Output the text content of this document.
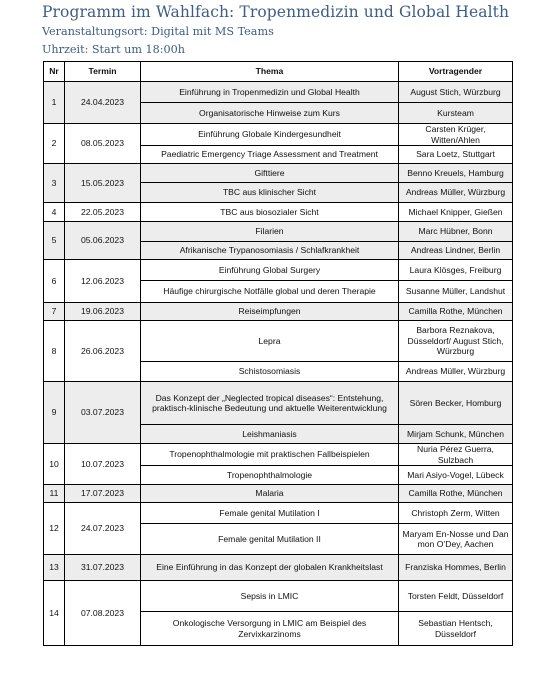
Programm im Wahlfach: Tropenmedizin und Global Health
Veranstaltungsort: Digital mit MS Teams
Uhrzeit: Start um 18:00h
Nr	Termin	Thema	Vortragender
1	24.04.2023	Einführung in Tropenmedizin und Global Health	August Stich, Würzburg
		Organisatorische Hinweise zum Kurs	Kursteam
2	08.05.2023	Einführung Globale Kindergesundheit	Carsten Krüger, Witten/Ahlen
		Paediatric Emergency Triage Assessment and Treatment	Sara Loetz, Stuttgart
3	15.05.2023	Gifttiere	Benno Kreuels, Hamburg
		TBC aus klinischer Sicht	Andreas Müller, Würzburg
4	22.05.2023	TBC aus biosozialer Sicht	Michael Knipper, Gießen
5	05.06.2023	Filarien	Marc Hübner, Bonn
		Afrikanische Trypanosomiasis / Schlafkrankheit	Andreas Lindner, Berlin
6	12.06.2023	Einführung Global Surgery	Laura Klösges, Freiburg
		Häufige chirurgische Notfälle global und deren Therapie	Susanne Müller, Landshut
7	19.06.2023	Reiseimpfungen	Camilla Rothe, München
8	26.06.2023	Lepra	Barbora Reznakova, Düsseldorf/ August Stich, Würzburg
		Schistosomiasis	Andreas Müller, Würzburg
9	03.07.2023	Das Konzept der „Neglected tropical diseases“: Entstehung, praktisch-klinische Bedeutung und aktuelle Weiterentwicklung	Sören Becker, Homburg
		Leishmaniasis	Mirjam Schunk, München
10	10.07.2023	Tropenophthalmologie mit praktischen Fallbeispielen	Nuria Pérez Guerra, Sulzbach
		Tropenophthalmologie	Mari Asiyo-Vogel, Lübeck
11	17.07.2023	Malaria	Camilla Rothe, München
12	24.07.2023	Female genital Mutilation I	Christoph Zerm, Witten
		Female genital Mutilation II	Maryam En-Nosse und Dan mon O’Dey, Aachen
13	31.07.2023	Eine Einführung in das Konzept der globalen Krankheitslast	Franziska Hommes, Berlin
14	07.08.2023	Sepsis in LMIC	Torsten Feldt, Düsseldorf
		Onkologische Versorgung in LMIC am Beispiel des Zervixkarzinoms	Sebastian Hentsch, Düsseldorf
